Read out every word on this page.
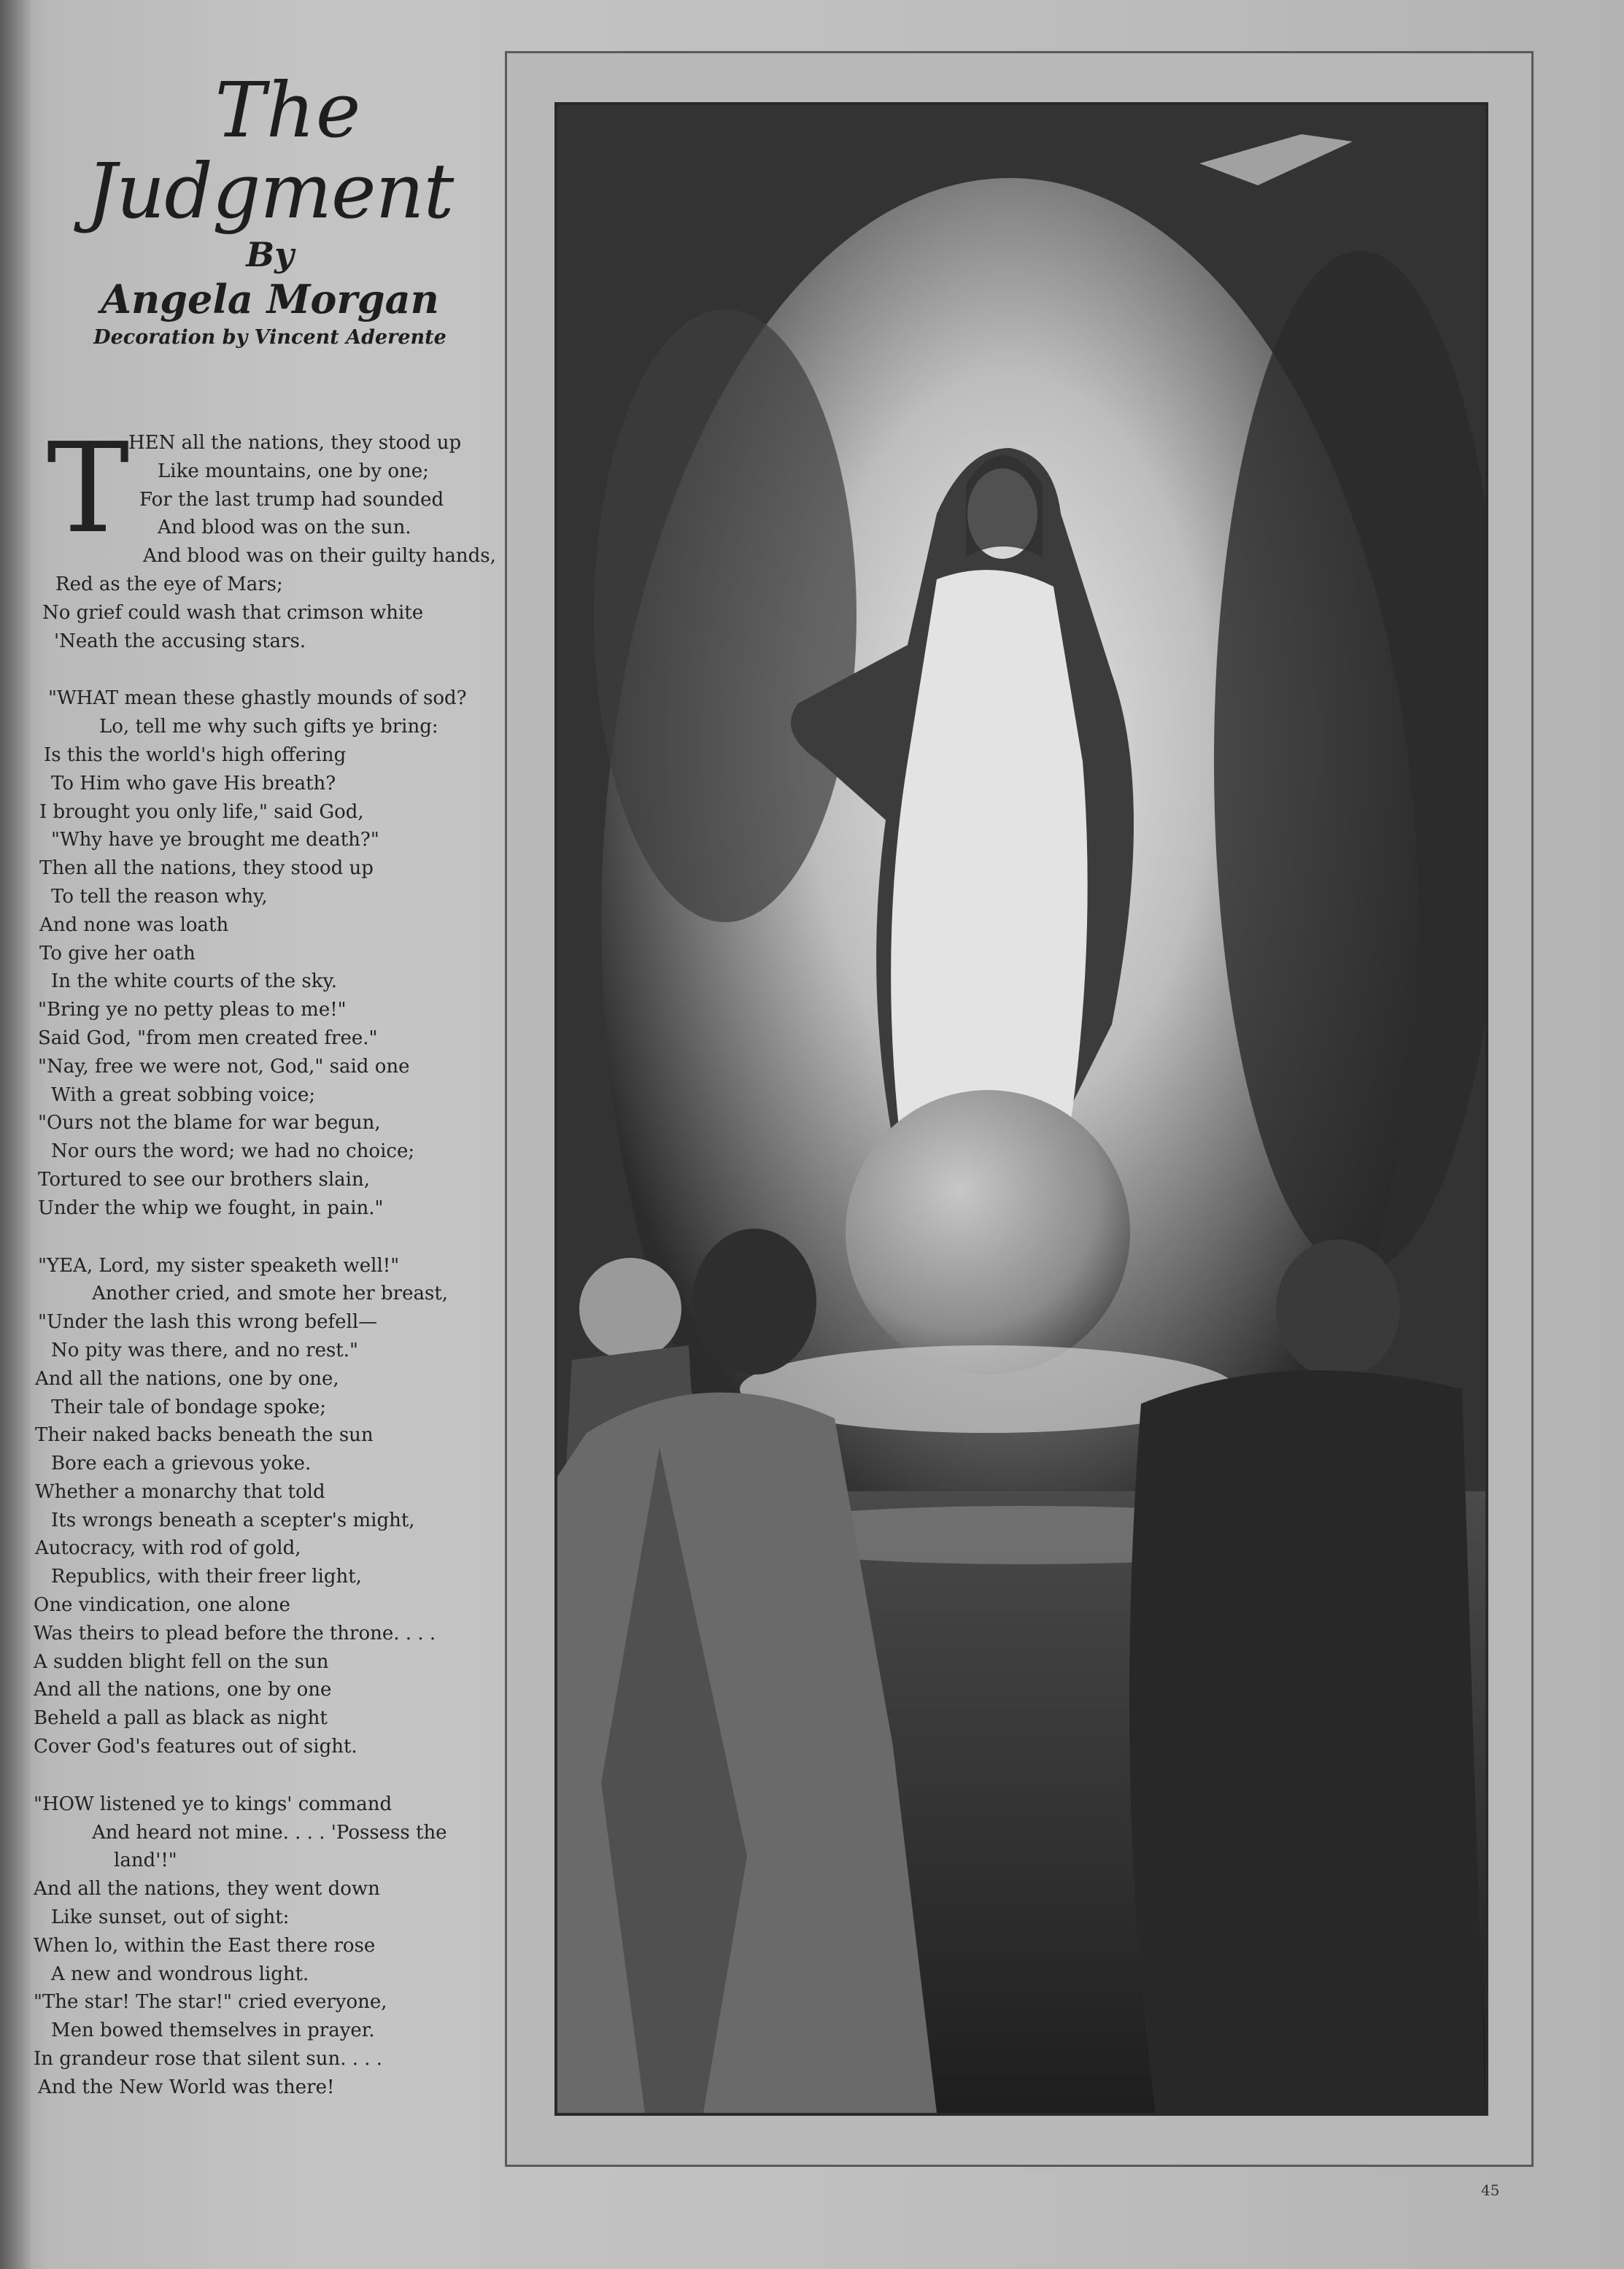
The
Judgment
By
Angela Morgan
Decoration by Vincent Aderente
T
HEN all the nations, they stood up
Like mountains, one by one;
For the last trump had sounded
And blood was on the sun.
And blood was on their guilty hands,
Red as the eye of Mars;
No grief could wash that crimson white
'Neath the accusing stars.
"WHAT mean these ghastly mounds of sod?
Lo, tell me why such gifts ye bring:
Is this the world's high offering
To Him who gave His breath?
I brought you only life," said God,
"Why have ye brought me death?"
Then all the nations, they stood up
To tell the reason why,
And none was loath
To give her oath
In the white courts of the sky.
"Bring ye no petty pleas to me!"
Said God, "from men created free."
"Nay, free we were not, God," said one
With a great sobbing voice;
"Ours not the blame for war begun,
Nor ours the word; we had no choice;
Tortured to see our brothers slain,
Under the whip we fought, in pain."
"YEA, Lord, my sister speaketh well!"
Another cried, and smote her breast,
"Under the lash this wrong befell—
No pity was there, and no rest."
And all the nations, one by one,
Their tale of bondage spoke;
Their naked backs beneath the sun
Bore each a grievous yoke.
Whether a monarchy that told
Its wrongs beneath a scepter's might,
Autocracy, with rod of gold,
Republics, with their freer light,
One vindication, one alone
Was theirs to plead before the throne. . . .
A sudden blight fell on the sun
And all the nations, one by one
Beheld a pall as black as night
Cover God's features out of sight.
"HOW listened ye to kings' command
And heard not mine. . . . 'Possess the
land'!"
And all the nations, they went down
Like sunset, out of sight:
When lo, within the East there rose
A new and wondrous light.
"The star! The star!" cried everyone,
Men bowed themselves in prayer.
In grandeur rose that silent sun. . . .
And the New World was there!
45
